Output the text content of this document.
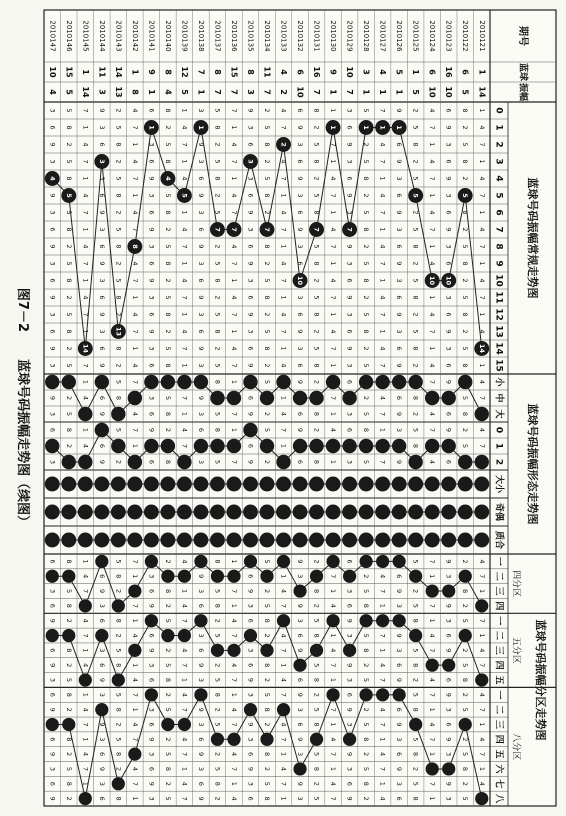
期号
蓝球
振幅
蓝球号码振幅常规走势图
蓝球号码振幅形态走势图
蓝球号码振幅分区走势图
四分区
五分区
八分区
0
1
2
3
4
5
6
7
8
9
10
11
12
13
14
15
小
中
大
0
1
2
大小
奇偶
质合
一
二
三
四
一
二
三
四
五
一
二
三
四
五
六
七
八
2010121
1
14
1
4
7
1
4
7
1
4
7
1
4
7
1
4
1
4
7
4
7
4
7
1
7
1
4
7
4
7
1
4
7
1
4
2010122
6
5
8
2
5
8
2
8
2
5
8
2
5
8
2
5
8
5
8
2
5
2
8
2
5
2
5
8
2
5
2
5
8
2
5
2010123
16
10
6
9
3
6
9
3
6
9
3
6
3
6
9
3
6
9
6
9
6
9
3
9
3
6
9
6
9
3
6
9
3
9
3
2010124
6
10
4
7
1
4
7
1
4
7
1
4
1
4
7
1
4
7
4
7
4
7
1
7
1
4
7
4
7
1
4
7
1
7
1
2010125
1
5
2
5
8
2
5
2
5
8
2
5
8
2
5
8
2
8
2
5
8
5
2
5
8
5
8
2
5
8
5
8
2
5
8
2010126
5
1
9
6
9
3
6
9
3
6
9
3
6
9
3
6
9
6
9
3
9
6
9
3
9
3
6
9
6
9
3
6
9
3
6
2010127
4
1
7
4
7
1
4
7
1
4
7
1
4
7
1
4
7
4
7
1
7
4
7
1
7
1
4
7
4
7
1
4
7
1
4
2010128
3
1
5
2
5
8
2
5
8
2
5
8
2
5
8
2
5
2
5
8
5
2
5
8
5
8
2
5
2
5
8
2
5
8
2
2010129
10
7
3
6
9
3
6
9
3
9
3
6
9
3
6
9
3
6
3
6
3
6
3
6
9
3
9
3
6
9
3
9
3
6
9
2010130
9
1
1
7
1
4
7
1
4
7
1
4
7
1
4
7
1
7
1
4
1
7
1
4
1
4
7
1
7
1
4
7
1
4
7
2010131
16
7
8
2
5
8
2
5
8
5
8
2
5
8
2
5
8
2
8
2
8
2
8
2
5
8
5
8
2
5
8
5
8
2
5
2010132
6
10
6
9
3
6
9
3
6
9
3
6
3
6
9
3
6
9
6
9
6
9
3
9
3
6
9
6
9
3
6
9
3
9
3
2010133
4
2
4
7
4
7
1
4
7
1
4
7
1
4
7
1
4
1
4
7
1
1
4
7
4
7
1
4
7
4
7
1
4
7
1
2010134
11
7
2
5
8
2
5
8
2
8
2
5
8
2
5
8
2
5
2
5
2
5
2
5
8
2
8
2
5
8
2
8
2
5
8
2010135
8
3
9
3
6
3
6
9
3
6
9
3
6
9
3
6
9
6
9
6
9
6
9
3
6
3
6
9
3
9
3
6
9
3
6
2010136
15
7
7
1
4
7
1
4
7
4
7
1
4
7
1
4
7
1
7
1
7
1
7
1
4
7
4
7
1
4
7
4
7
1
4
2010137
8
7
5
8
2
5
8
2
5
2
5
8
2
5
8
2
5
8
5
8
5
8
5
8
2
5
2
5
8
2
5
2
5
8
2
2010138
7
1
3
9
3
6
9
3
6
9
3
6
9
3
6
9
3
9
3
6
3
9
3
6
3
6
9
3
9
3
6
9
3
6
9
2010139
12
5
1
4
7
1
4
1
4
7
1
4
7
1
4
7
1
7
1
4
7
4
1
4
7
4
7
1
4
7
4
7
1
4
7
2010140
8
4
8
2
5
8
5
8
2
5
8
2
5
8
2
5
8
5
8
2
8
2
8
2
5
2
5
8
2
5
2
5
8
2
5
2010141
9
1
6
3
6
9
3
6
9
3
6
9
3
6
9
3
6
3
6
9
6
3
6
9
6
9
3
6
3
6
9
3
6
9
3
2010142
1
8
4
7
1
4
7
1
4
7
4
7
1
4
7
1
4
7
4
7
1
7
1
7
1
4
1
4
7
1
4
7
4
7
1
2010143
14
13
2
5
8
2
5
8
2
5
8
2
5
8
2
8
2
5
8
5
2
5
8
2
8
2
5
8
5
8
2
5
8
2
8
2010144
11
3
9
3
6
3
6
9
3
6
9
3
6
9
3
6
9
6
9
6
9
6
9
3
6
3
6
9
3
9
3
6
9
3
6
2010145
1
14
7
1
4
7
1
4
7
1
4
7
1
4
7
1
7
1
4
1
4
1
4
7
4
7
1
4
1
4
7
1
4
7
1
2010146
15
5
5
8
2
5
8
5
8
2
5
8
2
5
8
2
5
2
5
8
2
8
5
8
2
8
2
5
8
2
8
2
5
8
2
2010147
10
4
3
6
9
3
9
3
6
9
3
6
9
3
6
9
3
9
3
6
3
6
3
6
9
6
9
3
6
9
6
9
3
6
9
14
5
10
10
5
1
1
1
7
1
7
10
2
7
3
7
7
1
5
4
1
8
13
3
14
5
4
图7－2  蓝球号码振幅走势图（续图）
